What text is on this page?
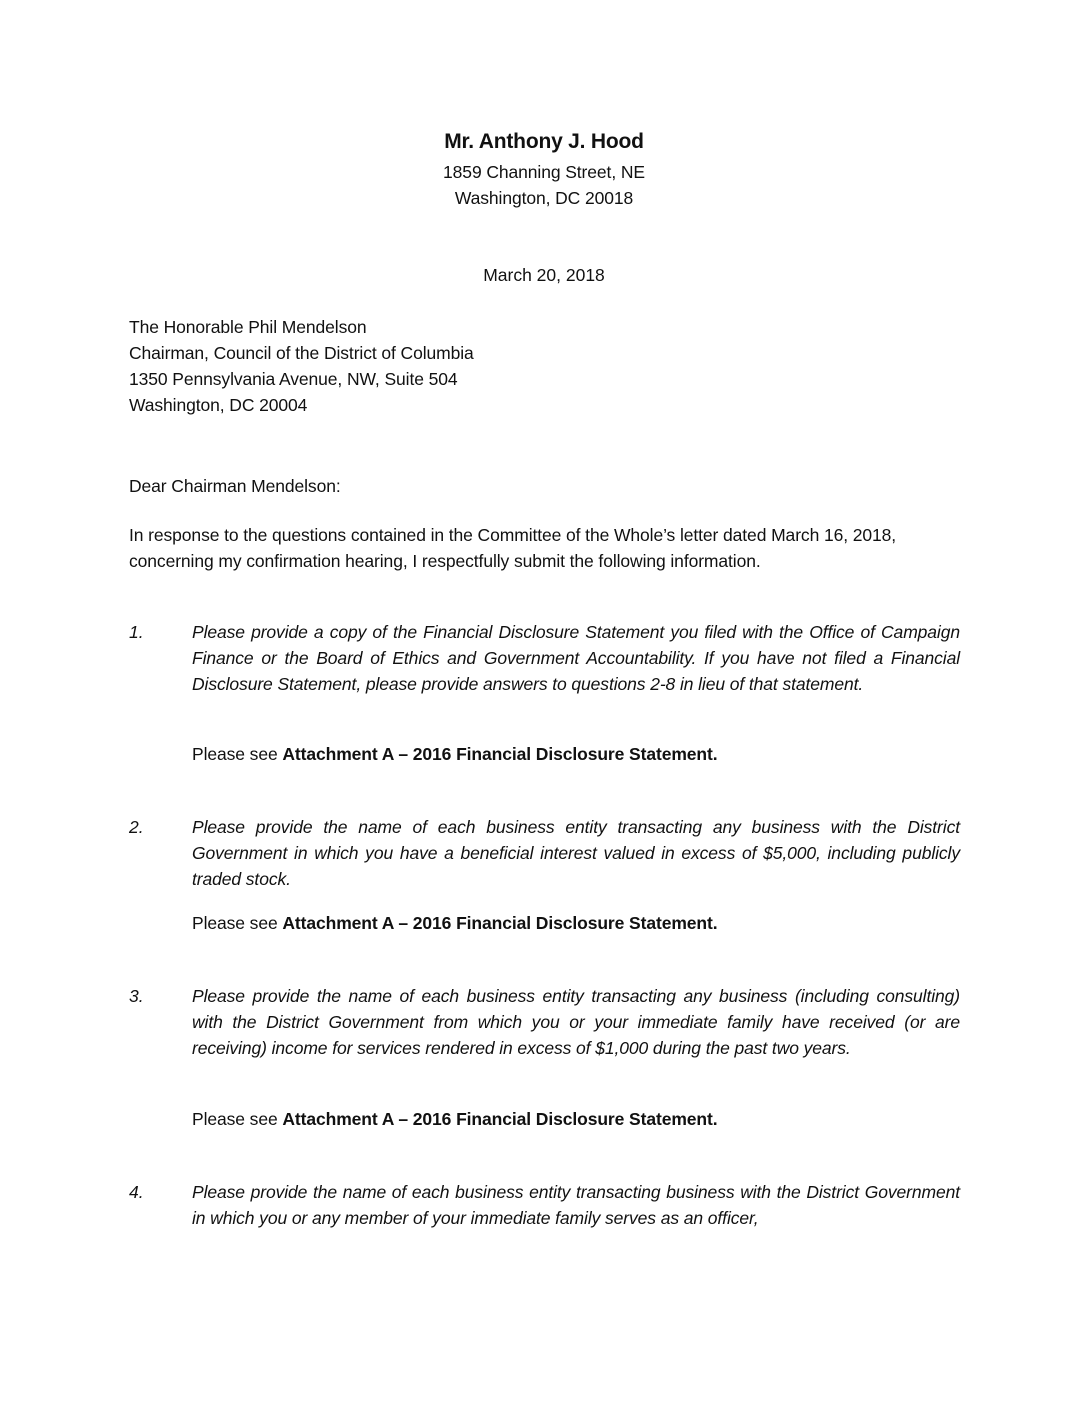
Mr. Anthony J. Hood
1859 Channing Street, NE
Washington, DC 20018
March 20, 2018
The Honorable Phil Mendelson
Chairman, Council of the District of Columbia
1350 Pennsylvania Avenue, NW, Suite 504
Washington, DC 20004
Dear Chairman Mendelson:
In response to the questions contained in the Committee of the Whole’s letter dated March 16, 2018, concerning my confirmation hearing, I respectfully submit the following information.
1.	Please provide a copy of the Financial Disclosure Statement you filed with the Office of Campaign Finance or the Board of Ethics and Government Accountability. If you have not filed a Financial Disclosure Statement, please provide answers to questions 2-8 in lieu of that statement.
Please see Attachment A – 2016 Financial Disclosure Statement.
2.	Please provide the name of each business entity transacting any business with the District Government in which you have a beneficial interest valued in excess of $5,000, including publicly traded stock.
Please see Attachment A – 2016 Financial Disclosure Statement.
3.	Please provide the name of each business entity transacting any business (including consulting) with the District Government from which you or your immediate family have received (or are receiving) income for services rendered in excess of $1,000 during the past two years.
Please see Attachment A – 2016 Financial Disclosure Statement.
4.	Please provide the name of each business entity transacting business with the District Government in which you or any member of your immediate family serves as an officer,
